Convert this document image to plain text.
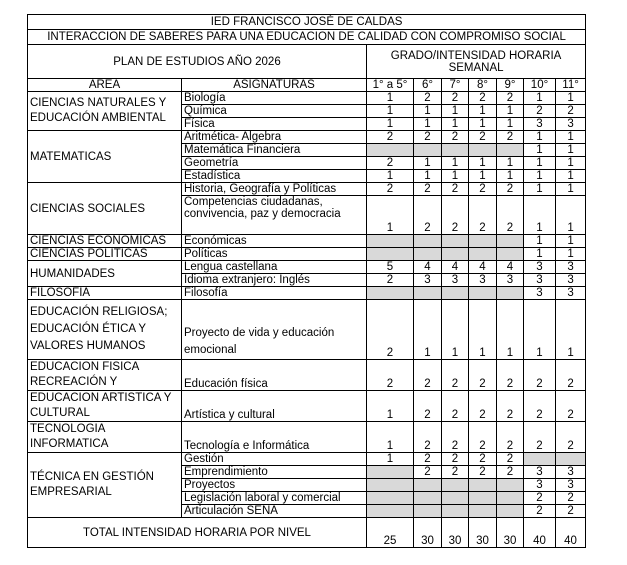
IED FRANCISCO JOSÉ DE CALDAS								
INTERACCION DE SABERES PARA UNA EDUCACION DE CALIDAD CON COMPROMISO SOCIAL								
PLAN DE ESTUDIOS AÑO 2026		GRADO/INTENSIDAD HORARIA SEMANAL						
AREA	ASIGNATURAS	1° a 5°	6°	7°	8°	9°	10°	11°
CIENCIAS NATURALES Y EDUCACIÓN AMBIENTAL	Biología	1	2	2	2	2	1	1
	Química	1	1	1	1	1	2	2
	Física	1	1	1	1	1	3	3
MATEMATICAS	Aritmética- Algebra	2	2	2	2	2	1	1
	Matemática Financiera						1	1
	Geometría	2	1	1	1	1	1	1
	Estadística	1	1	1	1	1	1	1
CIENCIAS SOCIALES	Historia, Geografía y Políticas	2	2	2	2	2	1	1
	Competencias ciudadanas, convivencia, paz y democracia	1	2	2	2	2	1	1
CIENCIAS ECONÓMICAS	Económicas						1	1
CIENCIAS POLÍTICAS	Políticas						1	1
HUMANIDADES	Lengua castellana	5	4	4	4	4	3	3
	Idioma extranjero: Inglés	2	3	3	3	3	3	3
FILOSOFIA	Filosofía						3	3
EDUCACIÓN RELIGIOSA; EDUCACIÓN ÉTICA Y VALORES HUMANOS	Proyecto de vida y educación emocional	2	1	1	1	1	1	1
EDUCACION FISICA RECREACIÓN Y	Educación física	2	2	2	2	2	2	2
EDUCACION ARTISTICA Y CULTURAL	Artística y cultural	1	2	2	2	2	2	2
TECNOLOGIA INFORMATICA	Tecnología e Informática	1	2	2	2	2	2	2
TÉCNICA EN GESTIÓN EMPRESARIAL	Gestión	1	2	2	2	2		
	Emprendimiento		2	2	2	2	3	3
	Proyectos						3	3
	Legislación laboral y comercial						2	2
	Articulación SENA						2	2
TOTAL INTENSIDAD HORARIA POR NIVEL		25	30	30	30	30	40	40
